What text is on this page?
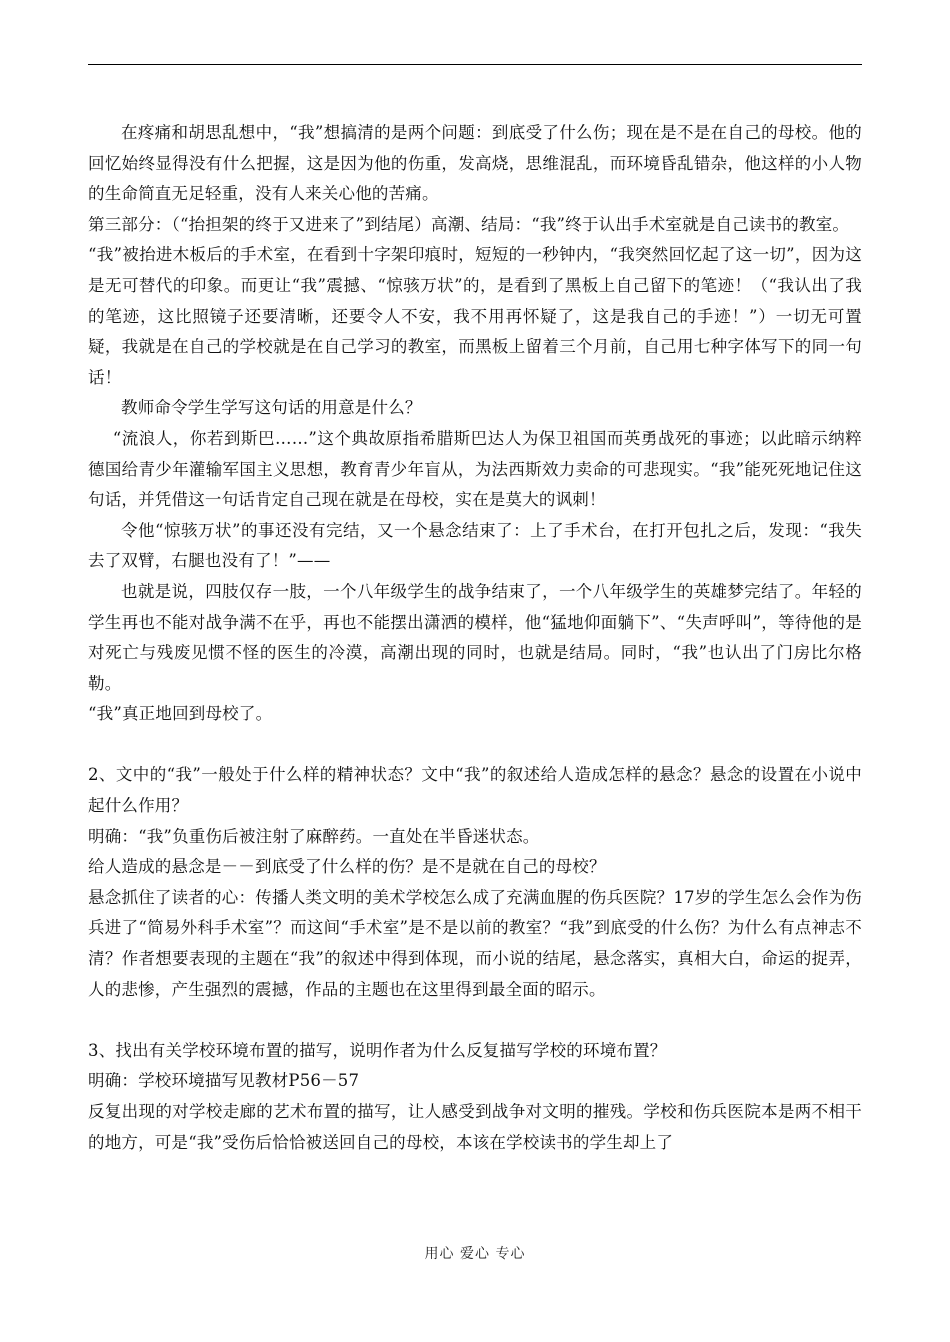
在疼痛和胡思乱想中，“我”想搞清的是两个问题：到底受了什么伤；现在是不是在自己的母校。他的回忆始终显得没有什么把握，这是因为他的伤重，发高烧，思维混乱，而环境昏乱错杂，他这样的小人物的生命简直无足轻重，没有人来关心他的苦痛。

第三部分：（“抬担架的终于又进来了”到结尾）高潮、结局：“我”终于认出手术室就是自己读书的教室。

“我”被抬进木板后的手术室，在看到十字架印痕时，短短的一秒钟内，“我突然回忆起了这一切”，因为这是无可替代的印象。而更让“我”震撼、“惊骇万状”的，是看到了黑板上自己留下的笔迹！（“我认出了我的笔迹，这比照镜子还要清晰，还要令人不安，我不用再怀疑了，这是我自己的手迹！”）一切无可置疑，我就是在自己的学校就是在自己学习的教室，而黑板上留着三个月前，自己用七种字体写下的同一句话！

教师命令学生学写这句话的用意是什么？

“流浪人，你若到斯巴……”这个典故原指希腊斯巴达人为保卫祖国而英勇战死的事迹；以此暗示纳粹德国给青少年灌输军国主义思想，教育青少年盲从，为法西斯效力卖命的可悲现实。“我”能死死地记住这句话，并凭借这一句话肯定自己现在就是在母校，实在是莫大的讽刺！

令他“惊骇万状”的事还没有完结，又一个悬念结束了：上了手术台，在打开包扎之后，发现：“我失去了双臂，右腿也没有了！”——

也就是说，四肢仅存一肢，一个八年级学生的战争结束了，一个八年级学生的英雄梦完结了。年轻的学生再也不能对战争满不在乎，再也不能摆出潇洒的模样，他“猛地仰面躺下”、“失声呼叫”，等待他的是对死亡与残废见惯不怪的医生的冷漠，高潮出现的同时，也就是结局。同时，“我”也认出了门房比尔格勒。

“我”真正地回到母校了。

2、文中的“我”一般处于什么样的精神状态？文中“我”的叙述给人造成怎样的悬念？悬念的设置在小说中起什么作用？

明确：“我”负重伤后被注射了麻醉药。一直处在半昏迷状态。

给人造成的悬念是－－到底受了什么样的伤？是不是就在自己的母校？

悬念抓住了读者的心：传播人类文明的美术学校怎么成了充满血腥的伤兵医院？17岁的学生怎么会作为伤兵进了“简易外科手术室”？而这间“手术室”是不是以前的教室？“我”到底受的什么伤？为什么有点神志不清？作者想要表现的主题在“我”的叙述中得到体现，而小说的结尾，悬念落实，真相大白，命运的捉弄，人的悲惨，产生强烈的震撼，作品的主题也在这里得到最全面的昭示。

3、找出有关学校环境布置的描写，说明作者为什么反复描写学校的环境布置？

明确：学校环境描写见教材P56－57

反复出现的对学校走廊的艺术布置的描写，让人感受到战争对文明的摧残。学校和伤兵医院本是两不相干的地方，可是“我”受伤后恰恰被送回自己的母校，本该在学校读书的学生却上了

用心 爱心 专心
